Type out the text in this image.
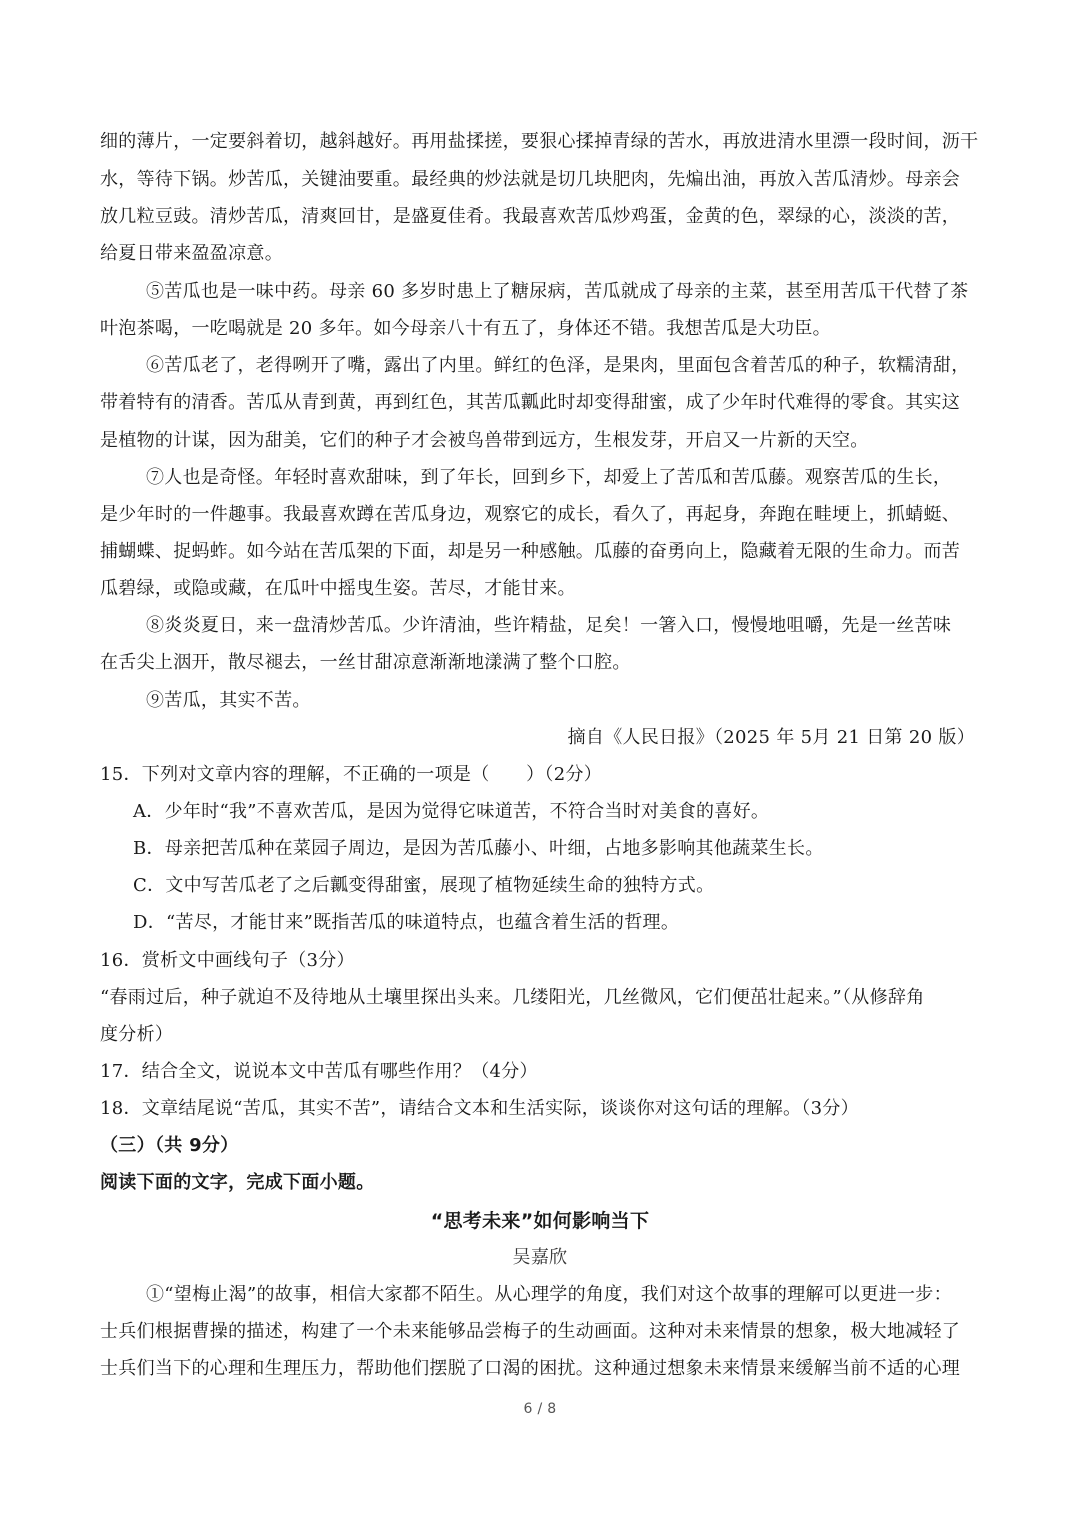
细的薄片，一定要斜着切，越斜越好。再用盐揉搓，要狠心揉掉青绿的苦水，再放进清水里漂一段时间，沥干
水，等待下锅。炒苦瓜，关键油要重。最经典的炒法就是切几块肥肉，先煸出油，再放入苦瓜清炒。母亲会
放几粒豆豉。清炒苦瓜，清爽回甘，是盛夏佳肴。我最喜欢苦瓜炒鸡蛋，金黄的色，翠绿的心，淡淡的苦，
给夏日带来盈盈凉意。
⑤苦瓜也是一味中药。母亲 60 多岁时患上了糖尿病，苦瓜就成了母亲的主菜，甚至用苦瓜干代替了茶
叶泡茶喝，一吃喝就是 20 多年。如今母亲八十有五了，身体还不错。我想苦瓜是大功臣。
⑥苦瓜老了，老得咧开了嘴，露出了内里。鲜红的色泽，是果肉，里面包含着苦瓜的种子，软糯清甜，
带着特有的清香。苦瓜从青到黄，再到红色，其苦瓜瓤此时却变得甜蜜，成了少年时代难得的零食。其实这
是植物的计谋，因为甜美，它们的种子才会被鸟兽带到远方，生根发芽，开启又一片新的天空。
⑦人也是奇怪。年轻时喜欢甜味，到了年长，回到乡下，却爱上了苦瓜和苦瓜藤。观察苦瓜的生长，
是少年时的一件趣事。我最喜欢蹲在苦瓜身边，观察它的成长，看久了，再起身，奔跑在畦埂上，抓蜻蜓、
捕蝴蝶、捉蚂蚱。如今站在苦瓜架的下面，却是另一种感触。瓜藤的奋勇向上，隐藏着无限的生命力。而苦
瓜碧绿，或隐或藏，在瓜叶中摇曳生姿。苦尽，才能甘来。
⑧炎炎夏日，来一盘清炒苦瓜。少许清油，些许精盐，足矣！一箸入口，慢慢地咀嚼，先是一丝苦味
在舌尖上洇开，散尽褪去，一丝甘甜凉意渐渐地漾满了整个口腔。
⑨苦瓜，其实不苦。
摘自《人民日报》（2025 年 5月 21 日第 20 版）
15．下列对文章内容的理解，不正确的一项是（　　）（2分）
A．少年时“我”不喜欢苦瓜，是因为觉得它味道苦，不符合当时对美食的喜好。
B．母亲把苦瓜种在菜园子周边，是因为苦瓜藤小、叶细，占地多影响其他蔬菜生长。
C．文中写苦瓜老了之后瓤变得甜蜜，展现了植物延续生命的独特方式。
D．“苦尽，才能甘来”既指苦瓜的味道特点，也蕴含着生活的哲理。
16．赏析文中画线句子（3分）
“春雨过后，种子就迫不及待地从土壤里探出头来。几缕阳光，几丝微风，它们便茁壮起来。”（从修辞角
度分析）
17．结合全文，说说本文中苦瓜有哪些作用？（4分）
18．文章结尾说“苦瓜，其实不苦”，请结合文本和生活实际，谈谈你对这句话的理解。（3分）
（三）（共 9分）
阅读下面的文字，完成下面小题。
“思考未来”如何影响当下
吴嘉欣
①“望梅止渴”的故事，相信大家都不陌生。从心理学的角度，我们对这个故事的理解可以更进一步：
士兵们根据曹操的描述，构建了一个未来能够品尝梅子的生动画面。这种对未来情景的想象，极大地减轻了
士兵们当下的心理和生理压力，帮助他们摆脱了口渴的困扰。这种通过想象未来情景来缓解当前不适的心理
6 / 8
